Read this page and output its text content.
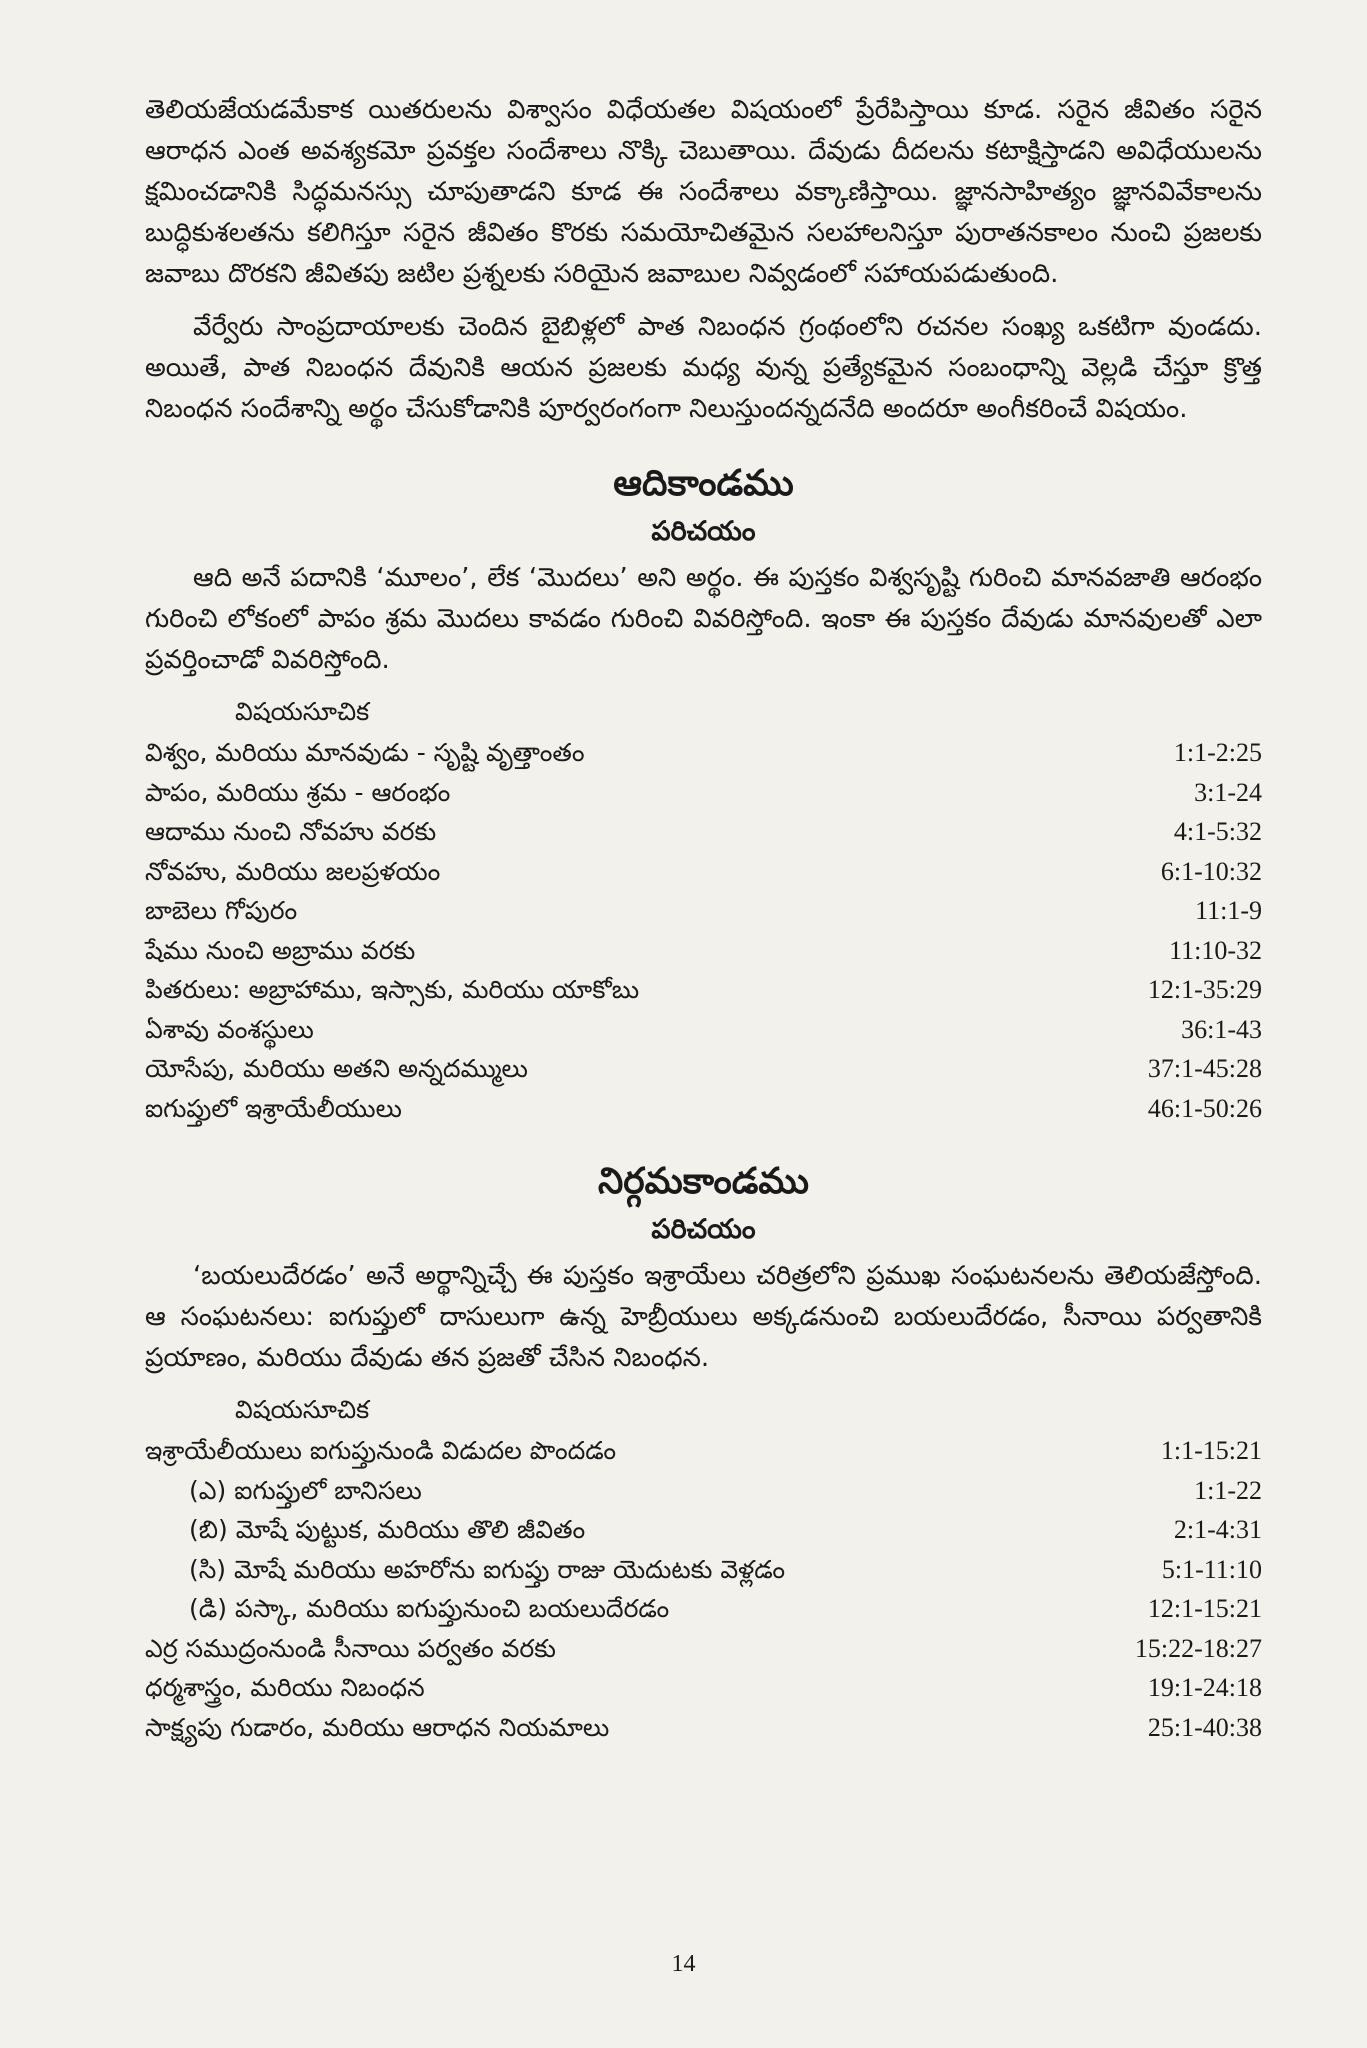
తెలియజేయడమేకాక యితరులను విశ్వాసం విధేయతల విషయంలో ప్రేరేపిస్తాయి కూడ. సరైన జీవితం సరైన ఆరాధన ఎంత అవశ్యకమో ప్రవక్తల సందేశాలు నొక్కి చెబుతాయి. దేవుడు దీదలను కటాక్షిస్తాడని అవిధేయులను క్షమించడానికి సిద్ధమనస్సు చూపుతాడని కూడ ఈ సందేశాలు వక్కాణిస్తాయి. జ్ఞానసాహిత్యం జ్ఞానవివేకాలను బుద్ధికుశలతను కలిగిస్తూ సరైన జీవితం కొరకు సమయోచితమైన సలహాలనిస్తూ పురాతనకాలం నుంచి ప్రజలకు జవాబు దొరకని జీవితపు జటిల ప్రశ్నలకు సరియైన జవాబుల నివ్వడంలో సహాయపడుతుంది.

వేర్వేరు సాంప్రదాయాలకు చెందిన బైబిళ్లలో పాత నిబంధన గ్రంథంలోని రచనల సంఖ్య ఒకటిగా వుండదు. అయితే, పాత నిబంధన దేవునికి ఆయన ప్రజలకు మధ్య వున్న ప్రత్యేకమైన సంబంధాన్ని వెల్లడి చేస్తూ క్రొత్త నిబంధన సందేశాన్ని అర్థం చేసుకోడానికి పూర్వరంగంగా నిలుస్తుందన్నదనేది అందరూ అంగీకరించే విషయం.

ఆదికాండము
పరిచయం

ఆది అనే పదానికి ‘మూలం’, లేక ‘మొదలు’ అని అర్థం. ఈ పుస్తకం విశ్వసృష్టి గురించి మానవజాతి ఆరంభం గురించి లోకంలో పాపం శ్రమ మొదలు కావడం గురించి వివరిస్తోంది. ఇంకా ఈ పుస్తకం దేవుడు మానవులతో ఎలా ప్రవర్తించాడో వివరిస్తోంది.

విషయసూచిక
విశ్వం, మరియు మానవుడు - సృష్టి వృత్తాంతం	1:1-2:25
పాపం, మరియు శ్రమ - ఆరంభం	3:1-24
ఆదాము నుంచి నోవహు వరకు	4:1-5:32
నోవహు, మరియు జలప్రళయం	6:1-10:32
బాబెలు గోపురం	11:1-9
షేము నుంచి అబ్రాము వరకు	11:10-32
పితరులు: అబ్రాహాము, ఇస్సాకు, మరియు యాకోబు	12:1-35:29
ఏశావు వంశస్థులు	36:1-43
యోసేపు, మరియు అతని అన్నదమ్ములు	37:1-45:28
ఐగుప్తులో ఇశ్రాయేలీయులు	46:1-50:26
నిర్గమకాండము
పరిచయం

‘బయలుదేరడం’ అనే అర్థాన్నిచ్చే ఈ పుస్తకం ఇశ్రాయేలు చరిత్రలోని ప్రముఖ సంఘటనలను తెలియజేస్తోంది. ఆ సంఘటనలు: ఐగుప్తులో దాసులుగా ఉన్న హెబ్రీయులు అక్కడనుంచి బయలుదేరడం, సీనాయి పర్వతానికి ప్రయాణం, మరియు దేవుడు తన ప్రజతో చేసిన నిబంధన.

విషయసూచిక
ఇశ్రాయేలీయులు ఐగుప్తునుండి విడుదల పొందడం	1:1-15:21
(ఎ) ఐగుప్తులో బానిసలు	1:1-22
(బి) మోషే పుట్టుక, మరియు తొలి జీవితం	2:1-4:31
(సి) మోషే మరియు అహరోను ఐగుప్తు రాజు యెదుటకు వెళ్లడం	5:1-11:10
(డి) పస్కా, మరియు ఐగుప్తునుంచి బయలుదేరడం	12:1-15:21
ఎర్ర సముద్రంనుండి సీనాయి పర్వతం వరకు	15:22-18:27
ధర్మశాస్త్రం, మరియు నిబంధన	19:1-24:18
సాక్ష్యపు గుడారం, మరియు ఆరాధన నియమాలు	25:1-40:38
14
